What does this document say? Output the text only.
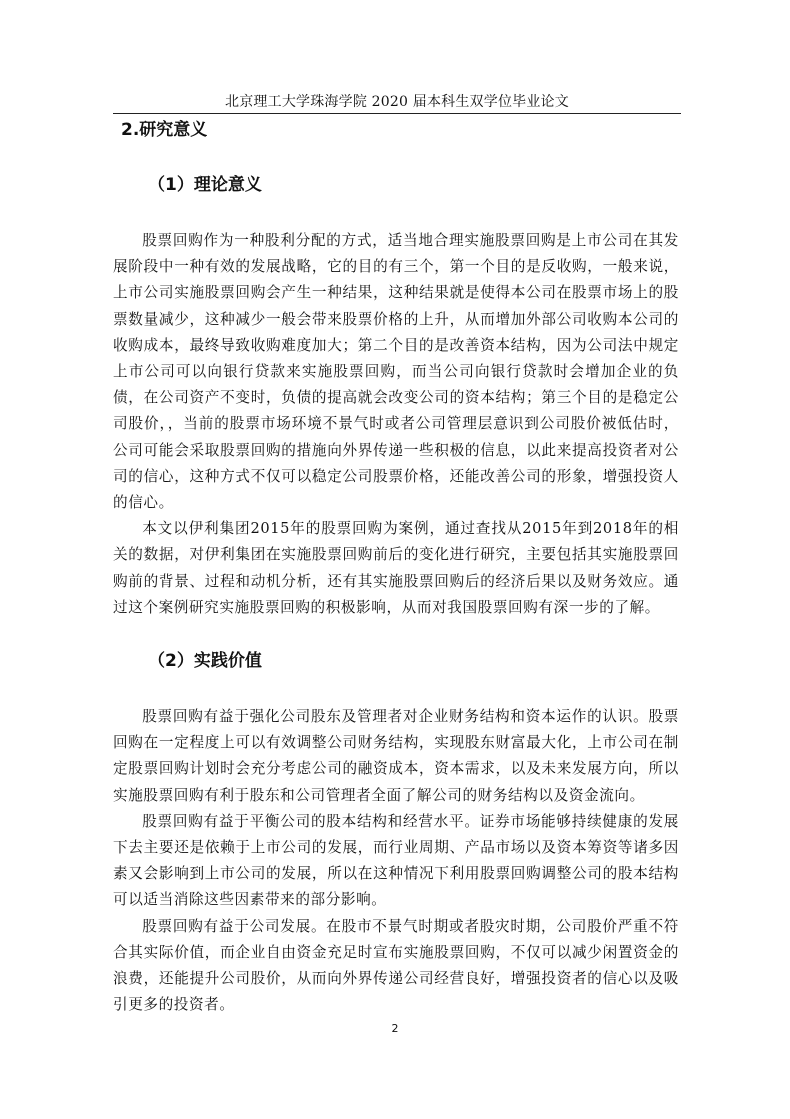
北京理工大学珠海学院 2020 届本科生双学位毕业论文
2.研究意义
（1）理论意义

股票回购作为一种股利分配的方式，适当地合理实施股票回购是上市公司在其发展阶段中一种有效的发展战略，它的目的有三个，第一个目的是反收购，一般来说，上市公司实施股票回购会产生一种结果，这种结果就是使得本公司在股票市场上的股票数量减少，这种减少一般会带来股票价格的上升，从而增加外部公司收购本公司的收购成本，最终导致收购难度加大；第二个目的是改善资本结构，因为公司法中规定上市公司可以向银行贷款来实施股票回购，而当公司向银行贷款时会增加企业的负债，在公司资产不变时，负债的提高就会改变公司的资本结构；第三个目的是稳定公司股价，，当前的股票市场环境不景气时或者公司管理层意识到公司股价被低估时，公司可能会采取股票回购的措施向外界传递一些积极的信息，以此来提高投资者对公司的信心，这种方式不仅可以稳定公司股票价格，还能改善公司的形象，增强投资人的信心。

本文以伊利集团2015年的股票回购为案例，通过查找从2015年到2018年的相关的数据，对伊利集团在实施股票回购前后的变化进行研究，主要包括其实施股票回购前的背景、过程和动机分析，还有其实施股票回购后的经济后果以及财务效应。通过这个案例研究实施股票回购的积极影响，从而对我国股票回购有深一步的了解。

（2）实践价值

股票回购有益于强化公司股东及管理者对企业财务结构和资本运作的认识。股票回购在一定程度上可以有效调整公司财务结构，实现股东财富最大化，上市公司在制定股票回购计划时会充分考虑公司的融资成本，资本需求，以及未来发展方向，所以实施股票回购有利于股东和公司管理者全面了解公司的财务结构以及资金流向。

股票回购有益于平衡公司的股本结构和经营水平。证券市场能够持续健康的发展下去主要还是依赖于上市公司的发展，而行业周期、产品市场以及资本筹资等诸多因素又会影响到上市公司的发展，所以在这种情况下利用股票回购调整公司的股本结构可以适当消除这些因素带来的部分影响。

股票回购有益于公司发展。在股市不景气时期或者股灾时期，公司股价严重不符合其实际价值，而企业自由资金充足时宣布实施股票回购，不仅可以减少闲置资金的浪费，还能提升公司股价，从而向外界传递公司经营良好，增强投资者的信心以及吸引更多的投资者。

2
